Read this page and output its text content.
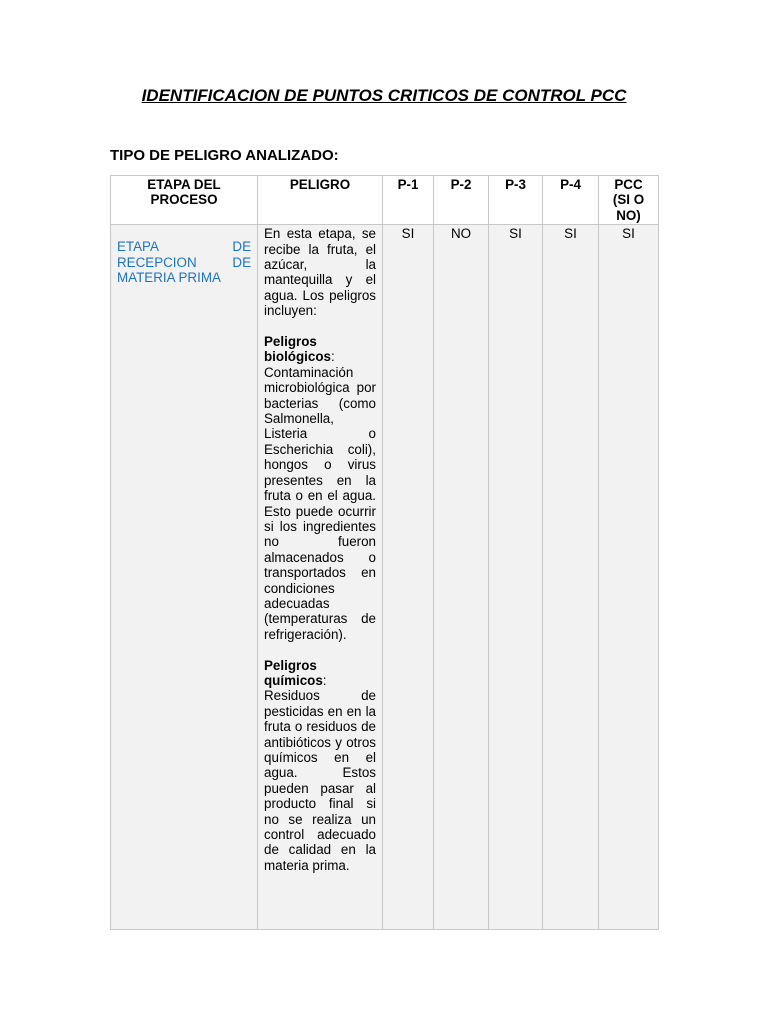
IDENTIFICACION DE PUNTOS CRITICOS DE CONTROL PCC
TIPO DE PELIGRO ANALIZADO:
ETAPA DEL PROCESO	PELIGRO	P-1	P-2	P-3	P-4	PCC (SI O NO)
ETAPA DE RECEPCION DE MATERIA PRIMA	En esta etapa, se recibe la fruta, el azúcar, la mantequilla y el agua. Los peligros incluyen:

Peligros biológicos: Contaminación microbiológica por bacterias (como Salmonella, Listeria o Escherichia coli), hongos o virus presentes en la fruta o en el agua. Esto puede ocurrir si los ingredientes no fueron almacenados o transportados en condiciones adecuadas (temperaturas de refrigeración).

Peligros químicos: Residuos de pesticidas en en la fruta o residuos de antibióticos y otros químicos en el agua. Estos pueden pasar al producto final si no se realiza un control adecuado de calidad en la materia prima.	SI	NO	SI	SI	SI
